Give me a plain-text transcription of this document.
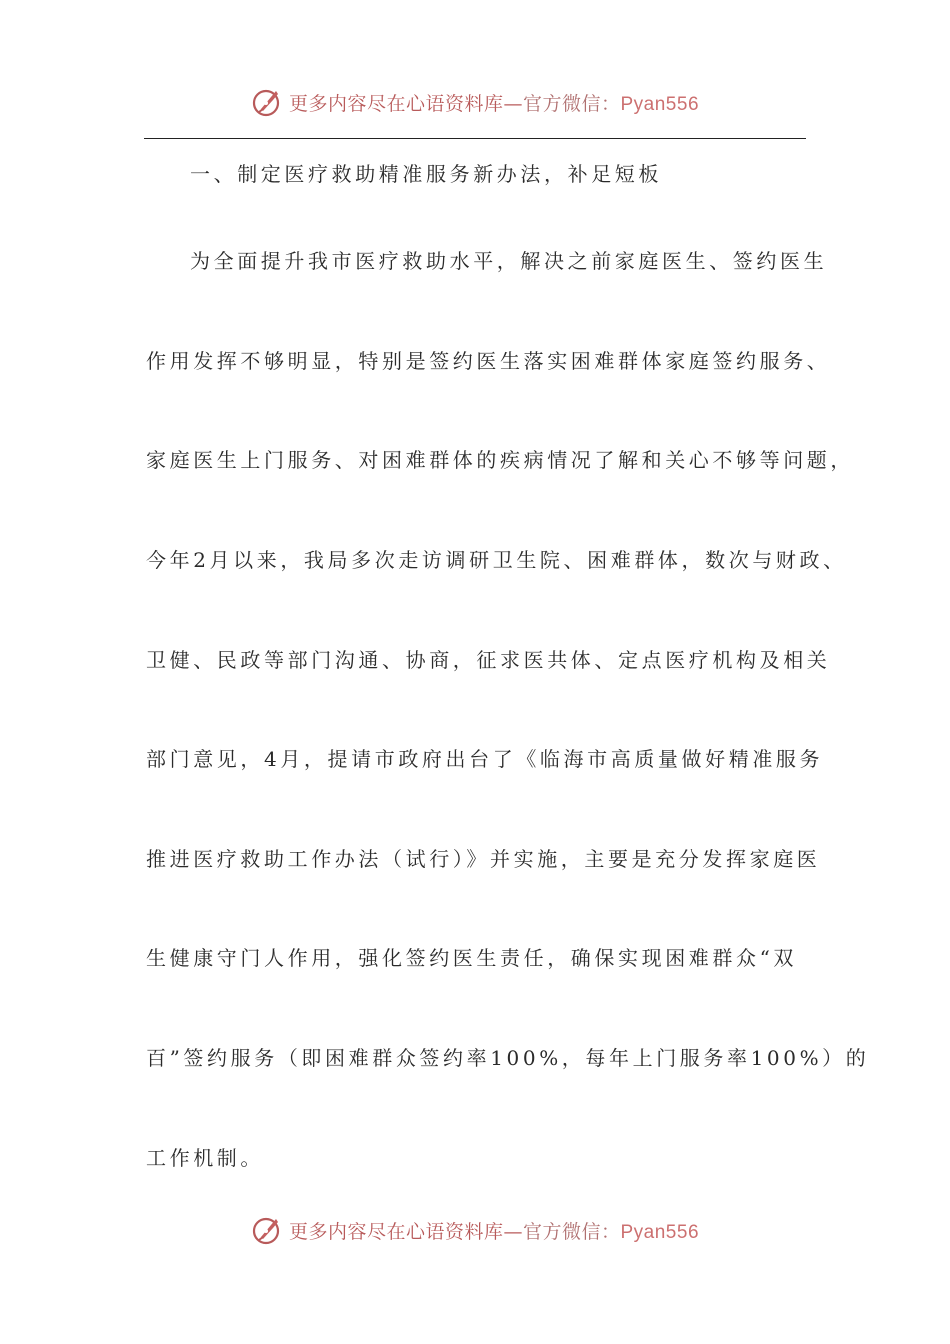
更多内容尽在心语资料库—官方微信：Pyan556
一、制定医疗救助精准服务新办法，补足短板
为全面提升我市医疗救助水平，解决之前家庭医生、签约医生
作用发挥不够明显，特别是签约医生落实困难群体家庭签约服务、
家庭医生上门服务、对困难群体的疾病情况了解和关心不够等问题，
今年2月以来，我局多次走访调研卫生院、困难群体，数次与财政、
卫健、民政等部门沟通、协商，征求医共体、定点医疗机构及相关
部门意见，4月，提请市政府出台了《临海市高质量做好精准服务
推进医疗救助工作办法（试行）》并实施，主要是充分发挥家庭医
生健康守门人作用，强化签约医生责任，确保实现困难群众“双
百”签约服务（即困难群众签约率100%，每年上门服务率100%）的
工作机制。
更多内容尽在心语资料库—官方微信：Pyan556
